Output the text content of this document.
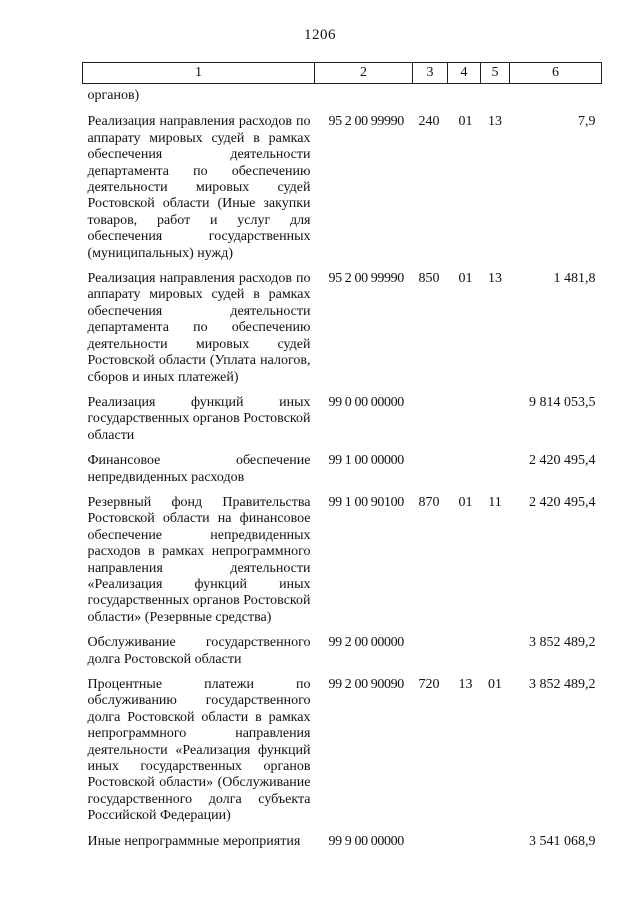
1206
1	2	3	4	5	6
органов)					
Реализация направления расходов по аппарату мировых судей в рамках обеспечения деятельности департамента по обеспечению деятельности мировых судей Ростовской области (Иные закупки товаров, работ и услуг для обеспечения государственных (муниципальных) нужд)	95 2 00 99990	240	01	13	7,9
Реализация направления расходов по аппарату мировых судей в рамках обеспечения деятельности департамента по обеспечению деятельности мировых судей Ростовской области (Уплата налогов, сборов и иных платежей)	95 2 00 99990	850	01	13	1 481,8
Реализация функций иных государственных органов Ростовской области	99 0 00 00000				9 814 053,5
Финансовое обеспечение непредвиденных расходов	99 1 00 00000				2 420 495,4
Резервный фонд Правительства Ростовской области на финансовое обеспечение непредвиденных расходов в рамках непрограммного направления деятельности «Реализация функций иных государственных органов Ростовской области» (Резервные средства)	99 1 00 90100	870	01	11	2 420 495,4
Обслуживание государственного долга Ростовской области	99 2 00 00000				3 852 489,2
Процентные платежи по обслуживанию государственного долга Ростовской области в рамках непрограммного направления деятельности «Реализация функций иных государственных органов Ростовской области» (Обслуживание государственного долга субъекта Российской Федерации)	99 2 00 90090	720	13	01	3 852 489,2
Иные непрограммные мероприятия	99 9 00 00000				3 541 068,9
